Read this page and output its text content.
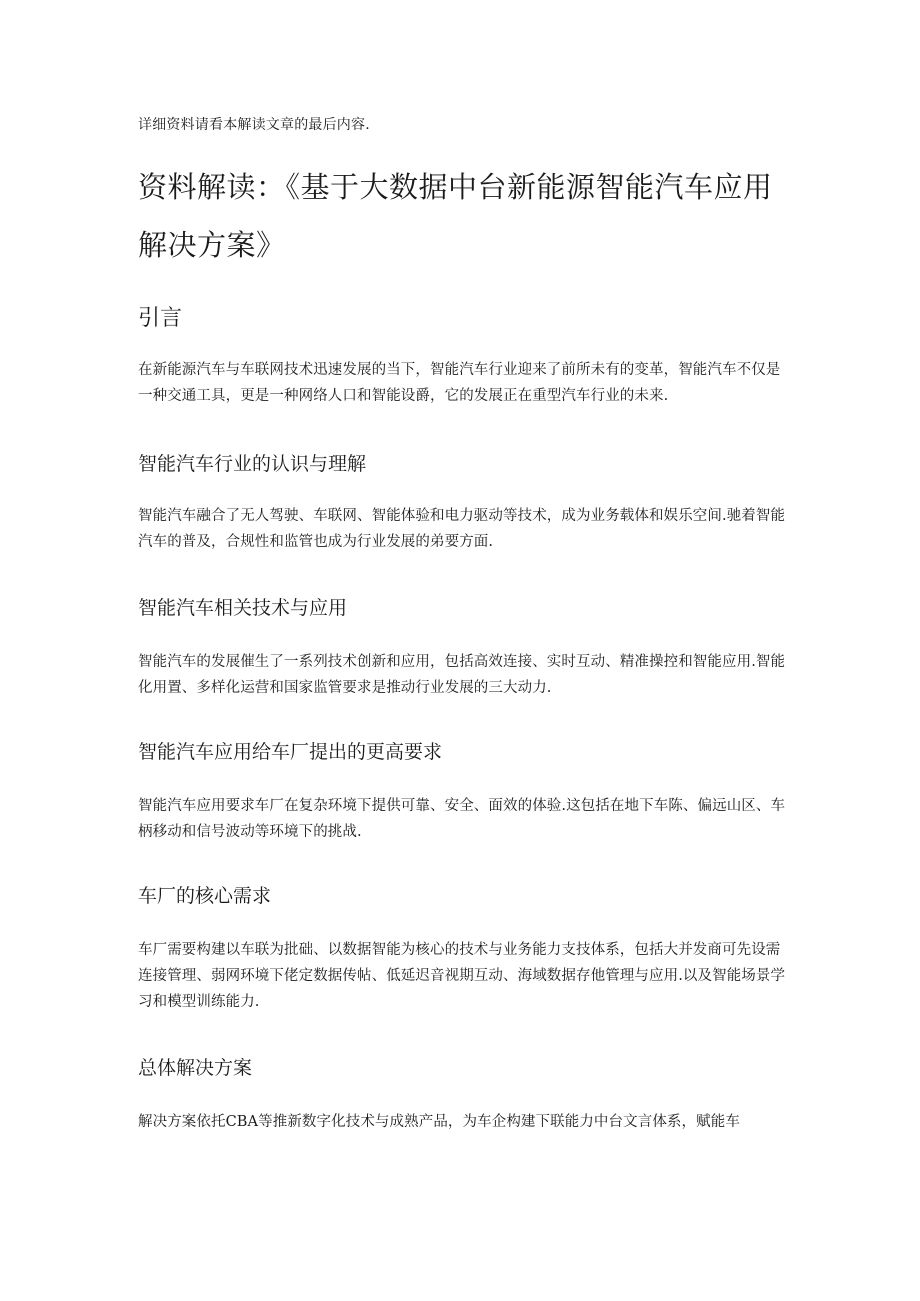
详细资料请看本解读文章的最后内容.
资料解读：《基于大数据中台新能源智能汽车应用解决方案》
引言

在新能源汽车与车联网技术迅速发展的当下，智能汽车行业迎来了前所未有的变革，智能汽车不仅是一种交通工具，更是一种网络人口和智能设爵，它的发展正在重型汽车行业的未来.

智能汽车行业的认识与理解

智能汽车融合了无人驾驶、车联网、智能体验和电力驱动等技术，成为业务载体和娱乐空间.驰着智能汽车的普及，合规性和监管也成为行业发展的弟要方面.

智能汽车相关技术与应用

智能汽车的发展催生了一系列技术创新和应用，包括高效连接、实时互动、精准操控和智能应用.智能化用置、多样化运营和国家监管要求是推动行业发展的三大动力.

智能汽车应用给车厂提出的更高要求

智能汽车应用要求车厂在复杂环境下提供可靠、安全、面效的体验.这包括在地下车陈、偏远山区、车柄移动和信号波动等环境下的挑战.

车厂的核心需求

车厂需要构建以车联为批础、以数据智能为核心的技术与业务能力支技体系，包括大并发商可先设需连接管理、弱网环境下佬定数据传帖、低延迟音视期互动、海域数据存他管理与应用.以及智能场景学习和模型训练能力.

总体解决方案

解决方案依托CBA等推新数字化技术与成熟产品，为车企构建下联能力中台文言体系，赋能车
